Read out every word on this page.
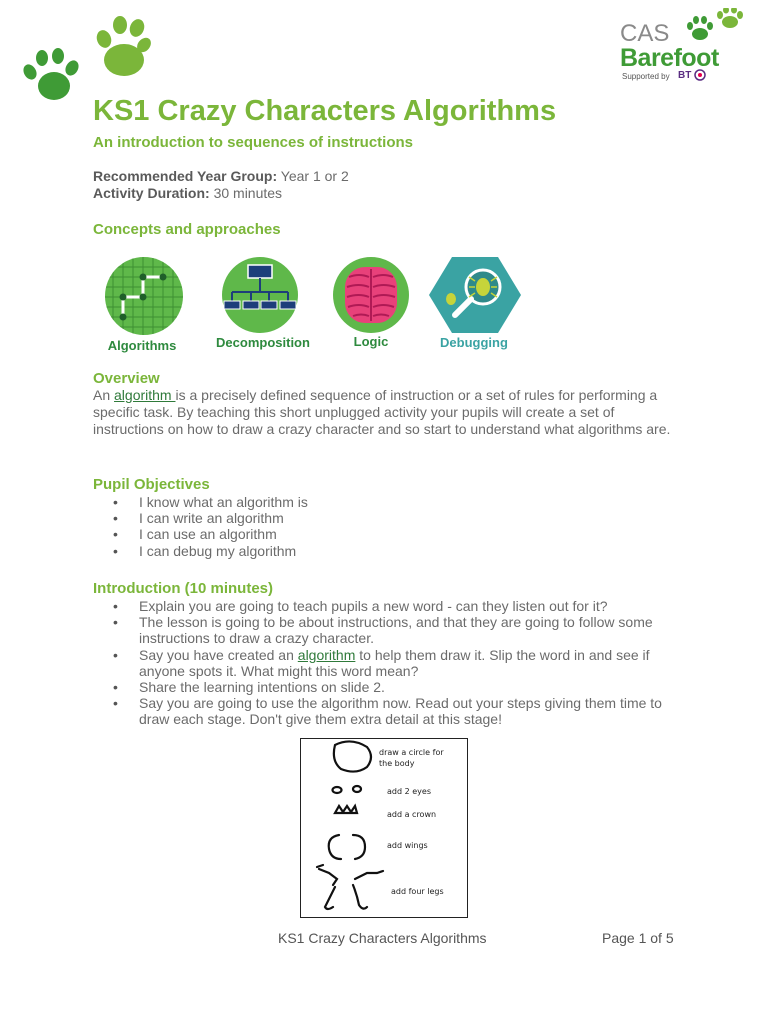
CAS
Barefoot
Supported by BT
KS1 Crazy Characters Algorithms
An introduction to sequences of instructions
Recommended Year Group: Year 1 or 2
Activity Duration: 30 minutes
Concepts and approaches
Algorithms	Decomposition	Logic	Debugging
Overview
An algorithm is a precisely defined sequence of instruction or a set of rules for performing a specific task. By teaching this short unplugged activity your pupils will create a set of instructions on how to draw a crazy character and so start to understand what algorithms are.
Pupil Objectives
• I know what an algorithm is
• I can write an algorithm
• I can use an algorithm
• I can debug my algorithm
Introduction (10 minutes)
• Explain you are going to teach pupils a new word - can they listen out for it?
• The lesson is going to be about instructions, and that they are going to follow some instructions to draw a crazy character.
• Say you have created an algorithm to help them draw it. Slip the word in and see if anyone spots it. What might this word mean?
• Share the learning intentions on slide 2.
• Say you are going to use the algorithm now. Read out your steps giving them time to draw each stage. Don't give them extra detail at this stage!
draw a circle for the body
add 2 eyes
add a crown
add wings
add four legs
KS1 Crazy Characters Algorithms	Page 1 of 5
